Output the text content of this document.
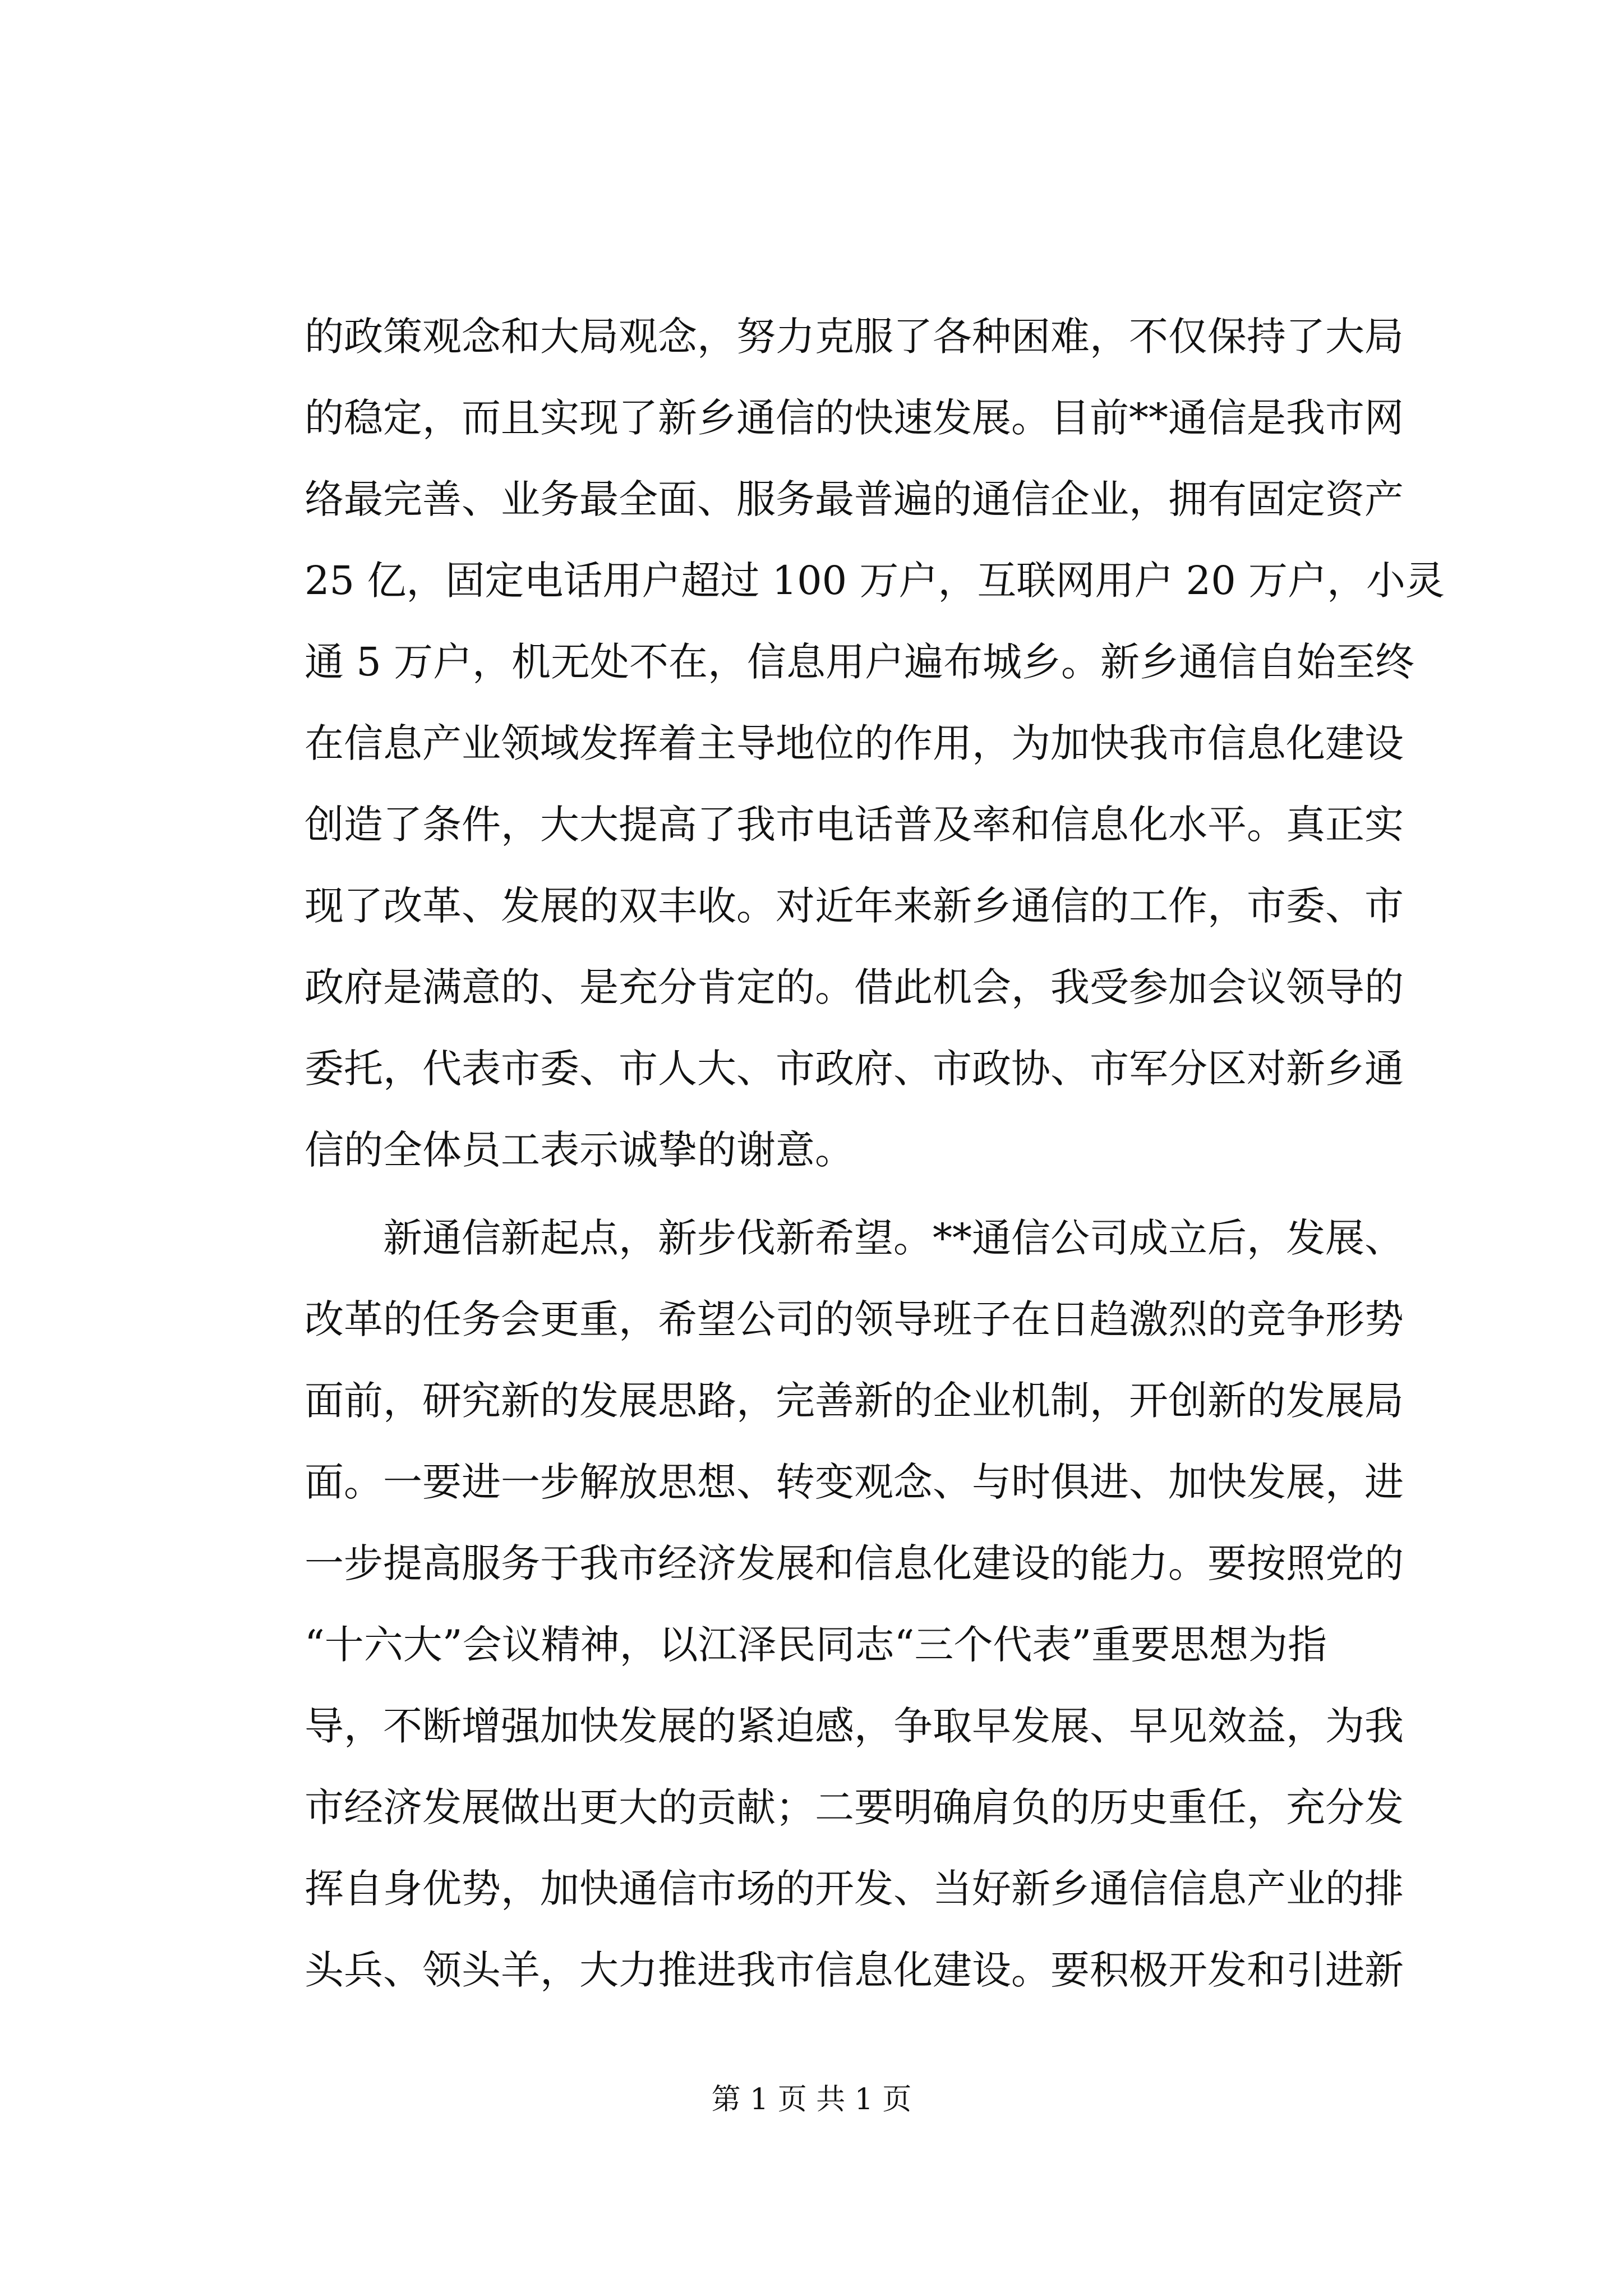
的政策观念和大局观念，努力克服了各种困难，不仅保持了大局
的稳定，而且实现了新乡通信的快速发展。目前**通信是我市网
络最完善、业务最全面、服务最普遍的通信企业，拥有固定资产
25 亿，固定电话用户超过 100 万户，互联网用户 20 万户，小灵
通 5 万户，机无处不在，信息用户遍布城乡。新乡通信自始至终
在信息产业领域发挥着主导地位的作用，为加快我市信息化建设
创造了条件，大大提高了我市电话普及率和信息化水平。真正实
现了改革、发展的双丰收。对近年来新乡通信的工作，市委、市
政府是满意的、是充分肯定的。借此机会，我受参加会议领导的
委托，代表市委、市人大、市政府、市政协、市军分区对新乡通
信的全体员工表示诚挚的谢意。
　　新通信新起点，新步伐新希望。**通信公司成立后，发展、
改革的任务会更重，希望公司的领导班子在日趋激烈的竞争形势
面前，研究新的发展思路，完善新的企业机制，开创新的发展局
面。一要进一步解放思想、转变观念、与时俱进、加快发展，进
一步提高服务于我市经济发展和信息化建设的能力。要按照党的
“十六大”会议精神，以江泽民同志“三个代表”重要思想为指
导，不断增强加快发展的紧迫感，争取早发展、早见效益，为我
市经济发展做出更大的贡献；二要明确肩负的历史重任，充分发
挥自身优势，加快通信市场的开发、当好新乡通信信息产业的排
头兵、领头羊，大力推进我市信息化建设。要积极开发和引进新
第 1 页 共 1 页
